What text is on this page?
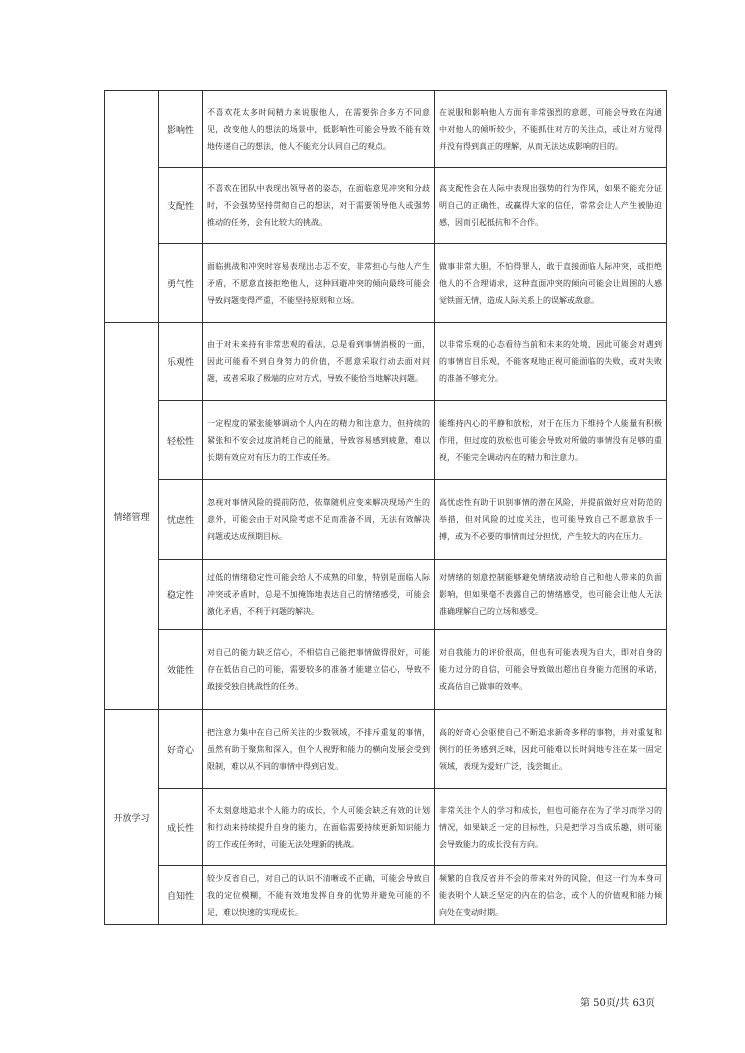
	影响性	不喜欢花太多时间精力来说服他人，在需要弥合多方不同意见，改变他人的想法的场景中，低影响性可能会导致不能有效地传递自己的想法，他人不能充分认同自己的观点。	在说服和影响他人方面有非常强烈的意愿，可能会导致在沟通中对他人的倾听较少，不能抓住对方的关注点，或让对方觉得并没有得到真正的理解，从而无法达成影响的目的。
	支配性	不喜欢在团队中表现出领导者的姿态，在面临意见冲突和分歧时，不会强势坚持贯彻自己的想法，对于需要领导他人或强势推动的任务，会有比较大的挑战。	高支配性会在人际中表现出强势的行为作风，如果不能充分证明自己的正确性，或赢得大家的信任，常常会让人产生被胁迫感，因而引起抵抗和不合作。
	勇气性	面临挑战和冲突时容易表现出忐忑不安，非常担心与他人产生矛盾，不愿意直接拒绝他人，这种回避冲突的倾向最终可能会导致问题变得严重，不能坚持原则和立场。	做事非常大胆，不怕得罪人，敢于直接面临人际冲突，或拒绝他人的不合理请求，这种直面冲突的倾向可能会让周围的人感觉铁面无情，造成人际关系上的误解或敌意。
情绪管理	乐观性	由于对未来持有非常悲观的看法，总是看到事情消极的一面，因此可能看不到自身努力的价值，不愿意采取行动去面对问题，或者采取了极端的应对方式，导致不能恰当地解决问题。	以非常乐观的心态看待当前和未来的处境，因此可能会对遇到的事情盲目乐观，不能客观地正视可能面临的失败，或对失败的准备不够充分。
	轻松性	一定程度的紧张能够调动个人内在的精力和注意力，但持续的紧张和不安会过度消耗自己的能量，导致容易感到疲惫，难以长期有效应对有压力的工作或任务。	能维持内心的平静和放松，对于在压力下维持个人能量有积极作用，但过度的放松也可能会导致对所做的事情没有足够的重视，不能完全调动内在的精力和注意力。
	忧虑性	忽视对事情风险的提前防范，依靠随机应变来解决现场产生的意外，可能会由于对风险考虑不足而准备不周，无法有效解决问题或达成预期目标。	高忧虑性有助于识别事情的潜在风险，并提前做好应对防范的举措，但对风险的过度关注，也可能导致自己不愿意放手一搏，或为不必要的事情而过分担忧，产生较大的内在压力。
	稳定性	过低的情绪稳定性可能会给人不成熟的印象，特别是面临人际冲突或矛盾时，总是不加掩饰地表达自己的情绪感受，可能会激化矛盾，不利于问题的解决。	对情绪的刻意控制能够避免情绪波动给自己和他人带来的负面影响，但如果毫不表露自己的情绪感受，也可能会让他人无法准确理解自己的立场和感受。
	效能性	对自己的能力缺乏信心，不相信自己能把事情做得很好，可能存在低估自己的可能，需要较多的准备才能建立信心，导致不敢接受独自挑战性的任务。	对自我能力的评价很高，但也有可能表现为自大，即对自身的能力过分的自信，可能会导致做出超出自身能力范围的承诺，或高估自己做事的效率。
开放学习	好奇心	把注意力集中在自己所关注的少数领域，不排斥重复的事情，虽然有助于聚焦和深入，但个人视野和能力的横向发展会受到限制，难以从不同的事情中得到启发。	高的好奇心会驱使自己不断追求新奇多样的事物，并对重复和例行的任务感到乏味，因此可能难以长时间地专注在某一固定领域，表现为爱好广泛，浅尝辄止。
	成长性	不太刻意地追求个人能力的成长，个人可能会缺乏有效的计划和行动来持续提升自身的能力，在面临需要持续更新知识能力的工作或任务时，可能无法处理新的挑战。	非常关注个人的学习和成长，但也可能存在为了学习而学习的情况，如果缺乏一定的目标性，只是把学习当成乐趣，则可能会导致能力的成长没有方向。
	自知性	较少反省自己，对自己的认识不清晰或不正确，可能会导致自我的定位模糊，不能有效地发挥自身的优势并避免可能的不足，难以快速的实现成长。	频繁的自我反省并不会的带来对外的风险，但这一行为本身可能表明个人缺乏坚定的内在的信念，或个人的价值观和能力倾向处在变动时期。
第 50页/共 63页
